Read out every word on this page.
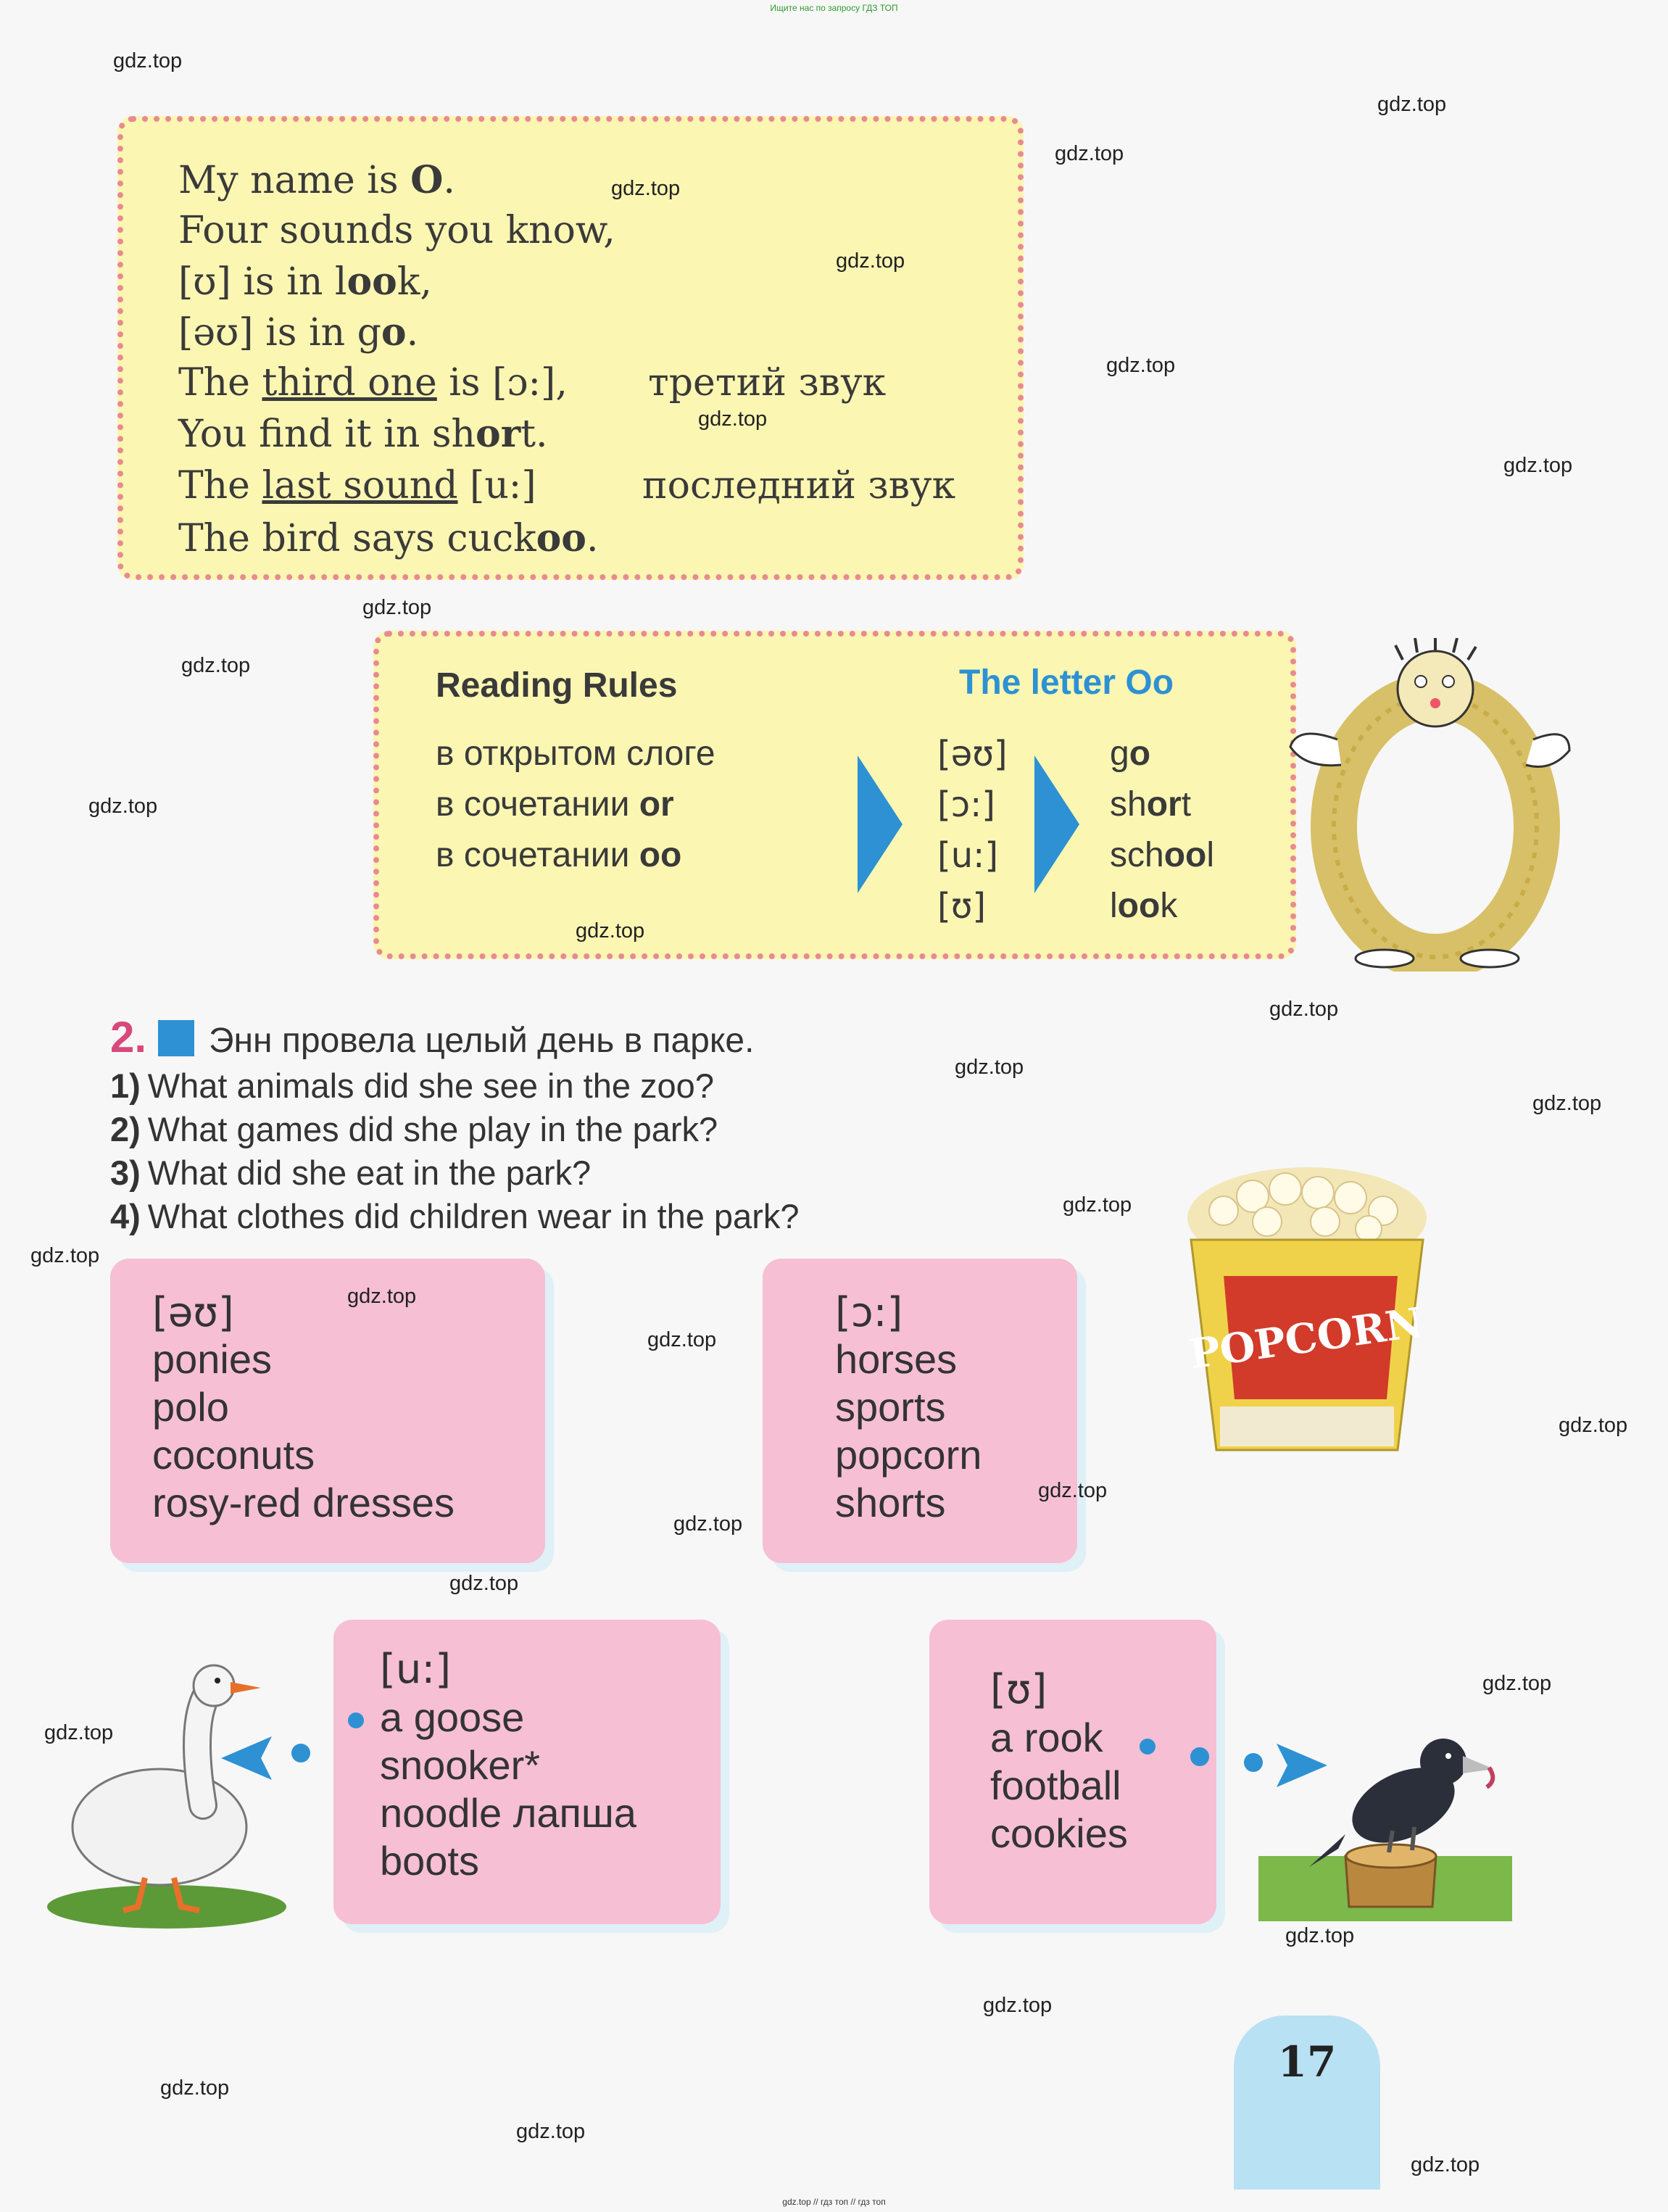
Ищите нас по запросу ГДЗ ТОП
gdz.top // гдз топ // гдз топ
My name is O.
Four sounds you know,
[ʊ] is in look,
[əʊ] is in go.
The third one is [ɔ:], третий звук
You find it in short.
The last sound [u:]	последний звук
The bird says cuckoo.
Reading Rules	The letter Oo
в открытом слоге
в сочетании or
в сочетании oo
[əʊ]
[ɔ:]
[u:]
[ʊ]
go
short
school
look
2. Энн провела целый день в парке.
1) What animals did she see in the zoo?
2) What games did she play in the park?
3) What did she eat in the park?
4) What clothes did children wear in the park?
[əʊ]
ponies
polo
coconuts
rosy-red dresses
[ɔ:]
horses
sports
popcorn
shorts
POPCORN
[u:]
a goose
snooker*
noodle лапша
boots
[ʊ]
a rook
football
cookies
17
gdz.top
gdz.top
gdz.top
gdz.top
gdz.top
gdz.top
gdz.top
gdz.top
gdz.top
gdz.top
gdz.top
gdz.top
gdz.top
gdz.top
gdz.top
gdz.top
gdz.top
gdz.top
gdz.top
gdz.top
gdz.top
gdz.top
gdz.top
gdz.top
gdz.top
gdz.top
gdz.top
gdz.top
gdz.top
gdz.top
